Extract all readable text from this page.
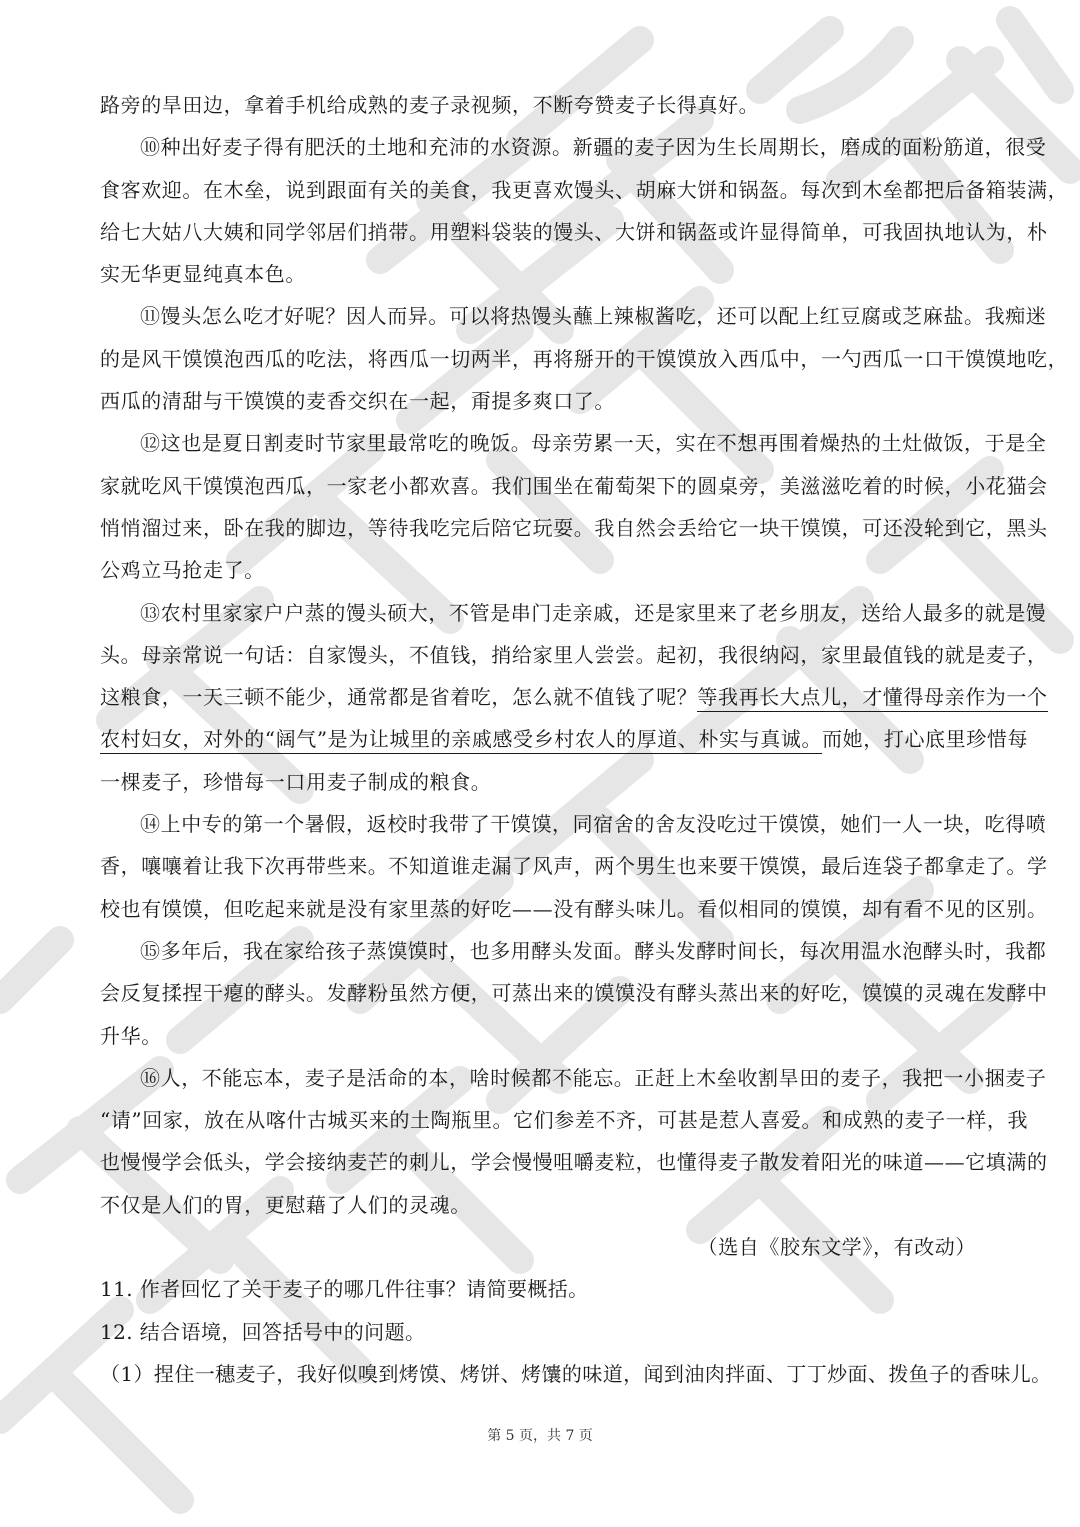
路旁的旱田边，拿着手机给成熟的麦子录视频，不断夸赞麦子长得真好。
⑩种出好麦子得有肥沃的土地和充沛的水资源。新疆的麦子因为生长周期长，磨成的面粉筋道，很受
食客欢迎。在木垒，说到跟面有关的美食，我更喜欢馒头、胡麻大饼和锅盔。每次到木垒都把后备箱装满，
给七大姑八大姨和同学邻居们捎带。用塑料袋装的馒头、大饼和锅盔或许显得简单，可我固执地认为，朴
实无华更显纯真本色。
⑪馒头怎么吃才好呢？因人而异。可以将热馒头蘸上辣椒酱吃，还可以配上红豆腐或芝麻盐。我痴迷
的是风干馍馍泡西瓜的吃法，将西瓜一切两半，再将掰开的干馍馍放入西瓜中，一勺西瓜一口干馍馍地吃，
西瓜的清甜与干馍馍的麦香交织在一起，甭提多爽口了。
⑫这也是夏日割麦时节家里最常吃的晚饭。母亲劳累一天，实在不想再围着燥热的土灶做饭，于是全
家就吃风干馍馍泡西瓜，一家老小都欢喜。我们围坐在葡萄架下的圆桌旁，美滋滋吃着的时候，小花猫会
悄悄溜过来，卧在我的脚边，等待我吃完后陪它玩耍。我自然会丢给它一块干馍馍，可还没轮到它，黑头
公鸡立马抢走了。
⑬农村里家家户户蒸的馒头硕大，不管是串门走亲戚，还是家里来了老乡朋友，送给人最多的就是馒
头。母亲常说一句话：自家馒头，不值钱，捎给家里人尝尝。起初，我很纳闷，家里最值钱的就是麦子，
这粮食，一天三顿不能少，通常都是省着吃，怎么就不值钱了呢？等我再长大点儿，才懂得母亲作为一个
农村妇女，对外的“阔气”是为让城里的亲戚感受乡村农人的厚道、朴实与真诚。而她，打心底里珍惜每
一棵麦子，珍惜每一口用麦子制成的粮食。
⑭上中专的第一个暑假，返校时我带了干馍馍，同宿舍的舍友没吃过干馍馍，她们一人一块，吃得喷
香，嚷嚷着让我下次再带些来。不知道谁走漏了风声，两个男生也来要干馍馍，最后连袋子都拿走了。学
校也有馍馍，但吃起来就是没有家里蒸的好吃——没有酵头味儿。看似相同的馍馍，却有看不见的区别。
⑮多年后，我在家给孩子蒸馍馍时，也多用酵头发面。酵头发酵时间长，每次用温水泡酵头时，我都
会反复揉捏干瘪的酵头。发酵粉虽然方便，可蒸出来的馍馍没有酵头蒸出来的好吃，馍馍的灵魂在发酵中
升华。
⑯人，不能忘本，麦子是活命的本，啥时候都不能忘。正赶上木垒收割旱田的麦子，我把一小捆麦子
“请”回家，放在从喀什古城买来的土陶瓶里。它们参差不齐，可甚是惹人喜爱。和成熟的麦子一样，我
也慢慢学会低头，学会接纳麦芒的刺儿，学会慢慢咀嚼麦粒，也懂得麦子散发着阳光的味道——它填满的
不仅是人们的胃，更慰藉了人们的灵魂。
（选自《胶东文学》，有改动）
11. 作者回忆了关于麦子的哪几件往事？请简要概括。
12. 结合语境，回答括号中的问题。
（1）捏住一穗麦子，我好似嗅到烤馍、烤饼、烤馕的味道，闻到油肉拌面、丁丁炒面、拨鱼子的香味儿。
第 5 页，共 7 页
